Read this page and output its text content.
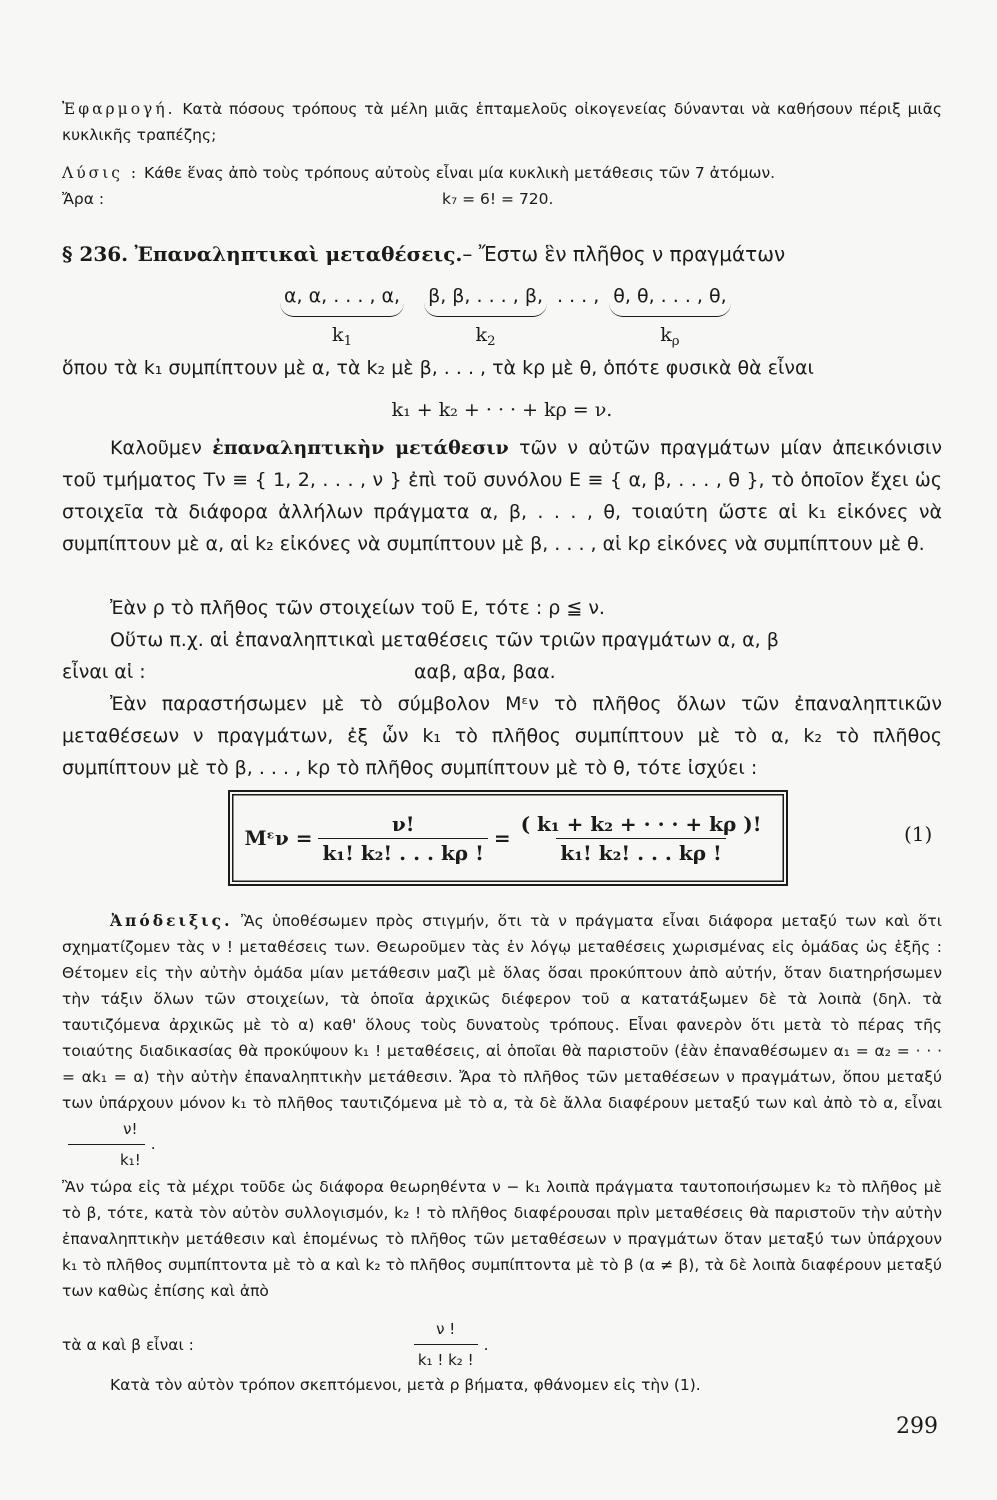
Ἐφαρμογή. Κατὰ πόσους τρόπους τὰ μέλη μιᾶς ἑπταμελοῦς οἰκογενείας δύνανται νὰ καθήσουν πέριξ μιᾶς κυκλικῆς τραπέζης;
Λύσις : Κάθε ἕνας ἀπὸ τοὺς τρόπους αὐτοὺς εἶναι μία κυκλικὴ μετάθεσις τῶν 7 ἀτόμων.
Ἄρα :	k₇ = 6! = 720.
§ 236. Ἐπαναληπτικαὶ μεταθέσεις.– Ἔστω ἓν πλῆθος ν πραγμάτων
α, α, . . . , α,
$k_1$
β, β, . . . , β,
$k_2$
. . . , θ, θ, . . . , θ,
$k_\rho$
ὅπου τὰ k₁ συμπίπτουν μὲ α, τὰ k₂ μὲ β, . . . , τὰ kρ μὲ θ, ὁπότε φυσικὰ θὰ εἶναι
k₁ + k₂ + · · · + kρ = ν.
Καλοῦμεν ἐπαναληπτικὴν μετάθεσιν τῶν ν αὐτῶν πραγμάτων μίαν ἀπεικόνισιν τοῦ τμήματος Tν ≡ { 1, 2, . . . , ν } ἐπὶ τοῦ συνόλου E ≡ { α, β, . . . , θ }, τὸ ὁποῖον ἔχει ὡς στοιχεῖα τὰ διάφορα ἀλλήλων πράγματα α, β, . . . , θ, τοιαύτη ὥστε αἱ k₁ εἰκόνες νὰ συμπίπτουν μὲ α, αἱ k₂ εἰκόνες νὰ συμπίπτουν μὲ β, . . . , αἱ kρ εἰκόνες νὰ συμπίπτουν μὲ θ.
Ἐὰν ρ τὸ πλῆθος τῶν στοιχείων τοῦ E, τότε : ρ ≦ ν.
Οὕτω π.χ. αἱ ἐπαναληπτικαὶ μεταθέσεις τῶν τριῶν πραγμάτων α, α, β
εἶναι αἱ :	ααβ, αβα, βαα.
Ἐὰν παραστήσωμεν μὲ τὸ σύμβολον Mᵋν τὸ πλῆθος ὅλων τῶν ἐπαναληπτικῶν μεταθέσεων ν πραγμάτων, ἐξ ὧν k₁ τὸ πλῆθος συμπίπτουν μὲ τὸ α, k₂ τὸ πλῆθος συμπίπτουν μὲ τὸ β, . . . , kρ τὸ πλῆθος συμπίπτουν μὲ τὸ θ, τότε ἰσχύει :
Mᵋν = $\frac{\nu!}{\text{k₁! k₂! . . . kρ !}} = \frac{\text{( k₁ + k₂ + · · · + kρ )!}}{\text{k₁! k₂! . . . kρ !}}$	(1)
Ἀπόδειξις. Ἂς ὑποθέσωμεν πρὸς στιγμήν, ὅτι τὰ ν πράγματα εἶναι διάφορα μεταξύ των καὶ ὅτι σχηματίζομεν τὰς ν ! μεταθέσεις των. Θεωροῦμεν τὰς ἐν λόγῳ μεταθέσεις χωρισμένας εἰς ὁμάδας ὡς ἑξῆς : Θέτομεν εἰς τὴν αὐτὴν ὁμάδα μίαν μετάθεσιν μαζὶ μὲ ὅλας ὅσαι προκύπτουν ἀπὸ αὐτήν, ὅταν διατηρήσωμεν τὴν τάξιν ὅλων τῶν στοιχείων, τὰ ὁποῖα ἀρχικῶς διέφερον τοῦ α κατατάξωμεν δὲ τὰ λοιπὰ (δηλ. τὰ ταυτιζόμενα ἀρχικῶς μὲ τὸ α) καθ' ὅλους τοὺς δυνατοὺς τρόπους. Εἶναι φανερὸν ὅτι μετὰ τὸ πέρας τῆς τοιαύτης διαδικασίας θὰ προκύψουν k₁ ! μεταθέσεις, αἱ ὁποῖαι θὰ παριστοῦν (ἐὰν ἐπαναθέσωμεν α₁ = α₂ = · · · = αk₁ = α) τὴν αὐτὴν ἐπαναληπτικὴν μετάθεσιν. Ἄρα τὸ πλῆθος τῶν μεταθέσεων ν πραγμάτων, ὅπου μεταξύ των ὑπάρχουν μόνον k₁ τὸ πλῆθος ταυτιζόμενα μὲ τὸ α, τὰ δὲ ἄλλα διαφέρουν μεταξύ των καὶ ἀπὸ τὸ α, εἶναι
$\frac{\nu!}{\text{k₁!}}$ .
Ἂν τώρα εἰς τὰ μέχρι τοῦδε ὡς διάφορα θεωρηθέντα ν − k₁ λοιπὰ πράγματα ταυτοποιήσωμεν k₂ τὸ πλῆθος μὲ τὸ β, τότε, κατὰ τὸν αὐτὸν συλλογισμόν, k₂ ! τὸ πλῆθος διαφέρουσαι πρὶν μεταθέσεις θὰ παριστοῦν τὴν αὐτὴν ἐπαναληπτικὴν μετάθεσιν καὶ ἑπομένως τὸ πλῆθος τῶν μεταθέσεων ν πραγμάτων ὅταν μεταξύ των ὑπάρχουν k₁ τὸ πλῆθος συμπίπτοντα μὲ τὸ α καὶ k₂ τὸ πλῆθος συμπίπτοντα μὲ τὸ β (α ≠ β), τὰ δὲ λοιπὰ διαφέρουν μεταξύ των καθὼς ἐπίσης καὶ ἀπὸ
τὰ α καὶ β εἶναι :	$\frac{\nu !}{\text{k₁ ! k₂ !}}$ .
Κατὰ τὸν αὐτὸν τρόπον σκεπτόμενοι, μετὰ ρ βήματα, φθάνομεν εἰς τὴν (1).
299
